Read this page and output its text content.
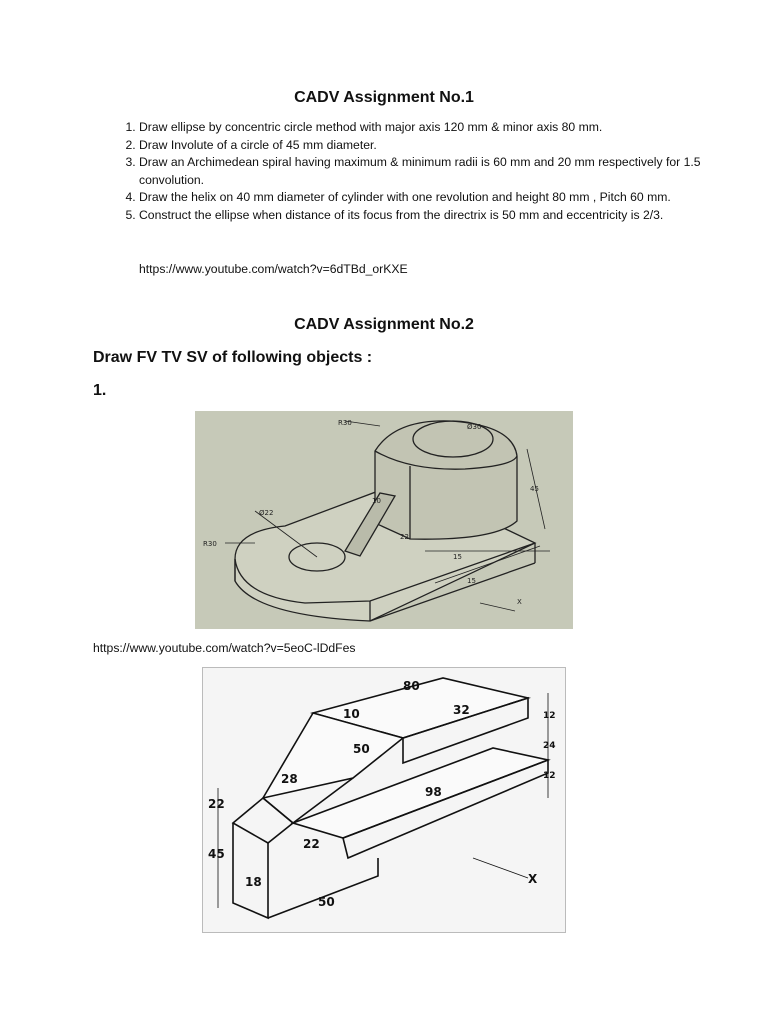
CADV Assignment No.1
1. Draw ellipse by concentric circle method with major axis 120 mm & minor axis 80 mm.
2. Draw Involute of a circle of 45 mm diameter.
3. Draw an Archimedean spiral having maximum & minimum radii is 60 mm and 20 mm respectively for 1.5 convolution.
4. Draw the helix on 40 mm diameter of cylinder with one revolution and height 80 mm , Pitch 60 mm.
5. Construct the ellipse when distance of its focus from the directrix is 50 mm and eccentricity is 2/3.
https://www.youtube.com/watch?v=6dTBd_orKXE
CADV Assignment No.2
Draw FV TV SV of following objects :
1.
R30	Ø30
45
10
Ø22
R30
22
15
15
X
https://www.youtube.com/watch?v=5eoC-lDdFes
80
32
10
50
98
28
22
18
50
45
22
12
24
12
X
